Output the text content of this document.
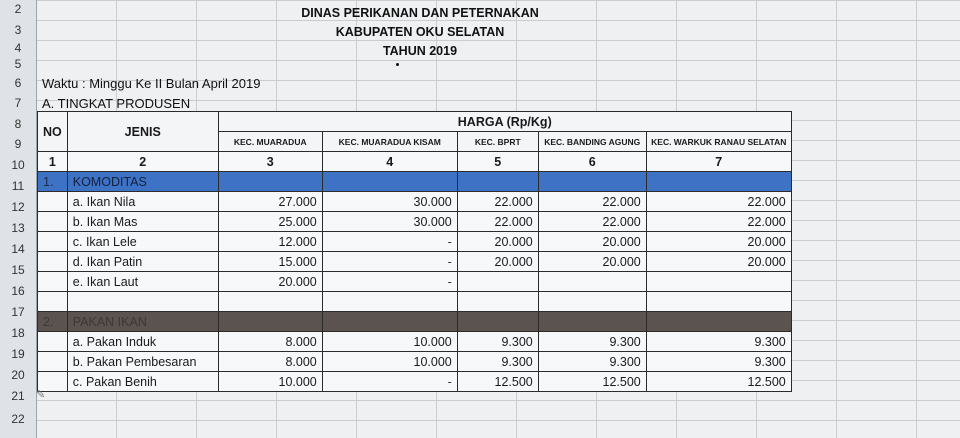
2
3
4
5
6
7
8
9
10
11
12
13
14
15
16
17
18
19
20
21
22
DINAS PERIKANAN DAN PETERNAKAN
KABUPATEN OKU SELATAN
TAHUN 2019
Waktu : Minggu Ke II Bulan April 2019
A. TINGKAT PRODUSEN
NO	JENIS	HARGA (Rp/Kg)				
		KEC. MUARADUA	KEC. MUARADUA KISAM	KEC. BPRT	KEC. BANDING AGUNG	KEC. WARKUK RANAU SELATAN
1	2	3	4	5	6	7
1.	KOMODITAS					
	a. Ikan Nila	27.000	30.000	22.000	22.000	22.000
	b. Ikan Mas	25.000	30.000	22.000	22.000	22.000
	c. Ikan Lele	12.000	-	20.000	20.000	20.000
	d. Ikan Patin	15.000	-	20.000	20.000	20.000
	e. Ikan Laut	20.000	-			

2.	PAKAN IKAN					
	a. Pakan Induk	8.000	10.000	9.300	9.300	9.300
	b. Pakan Pembesaran	8.000	10.000	9.300	9.300	9.300
	c. Pakan Benih	10.000	-	12.500	12.500	12.500
✎
